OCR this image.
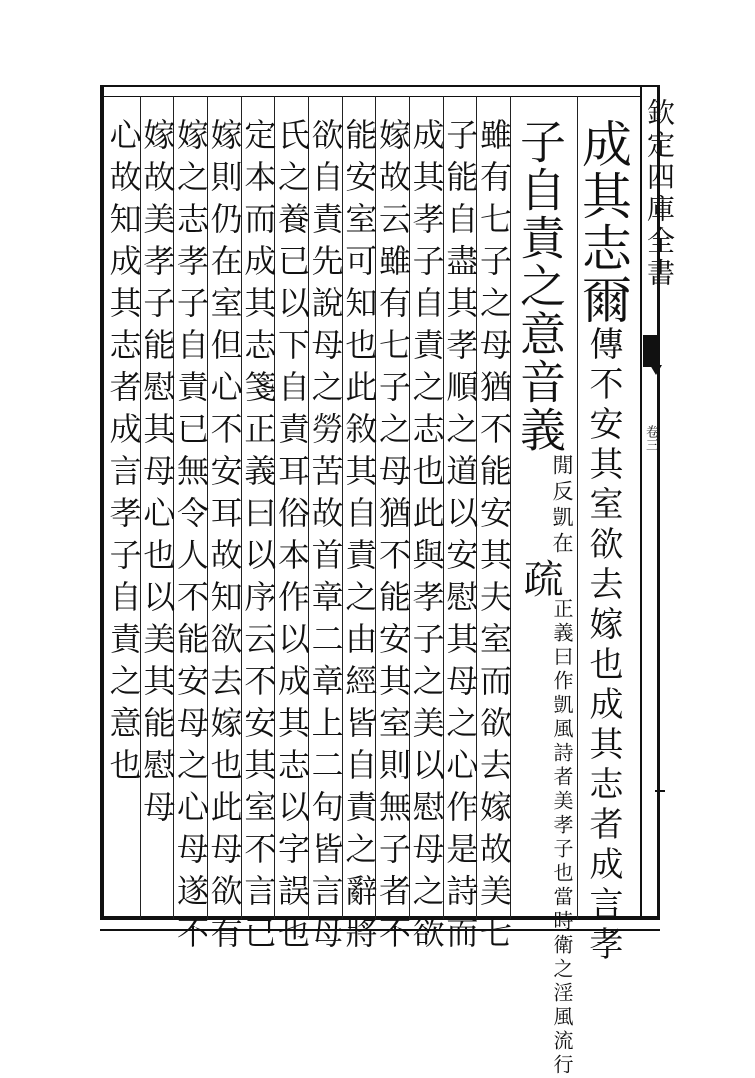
欽定四庫全書
卷三
成其志爾傳不安其室欲去嫁也成其志者成言孝
子自責之意音義
凱在
閒反
疏
正義曰作凱風詩者美孝子也當時衛之淫風流行
雖有七子之母猶不能安其夫室而欲去嫁故美七
子能自盡其孝順之道以安慰其母之心作是詩而
成其孝子自責之志也此與孝子之美以慰母之欲
嫁故云雖有七子之母猶不能安其室則無子者不
能安室可知也此敘其自責之由經皆自責之辭將
欲自責先說母之勞苦故首章二章上二句皆言母
氏之養已以下自責耳俗本作以成其志以字誤也
定本而成其志箋正義曰以序云不安其室不言已
嫁則仍在室但心不安耳故知欲去嫁也此母欲有
嫁之志孝子自責已無令人不能安母之心母遂不
嫁故美孝子能慰其母心也以美其能慰母
心故知成其志者成言孝子自責之意也
